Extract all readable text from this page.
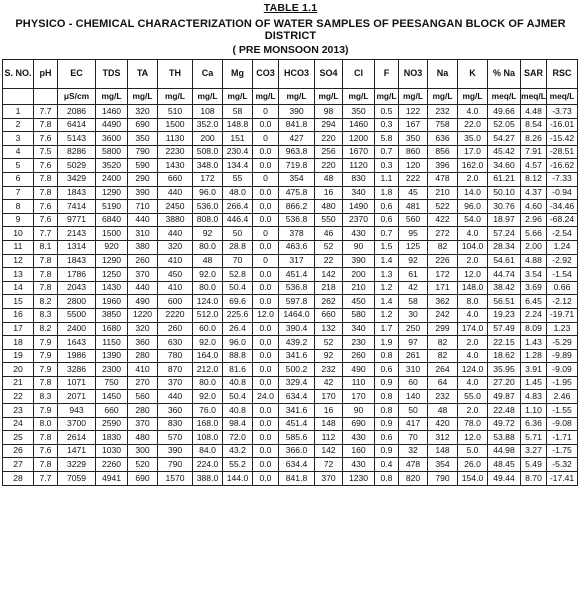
TABLE 1.1
PHYSICO - CHEMICAL CHARACTERIZATION OF WATER SAMPLES OF PEESANGAN BLOCK OF AJMER DISTRICT
( PRE MONSOON 2013)
S. NO.	pH	EC	TDS	TA	TH	Ca	Mg	CO3	HCO3	SO4	Cl	F	NO3	Na	K	% Na	SAR	RSC
		μS/cm	mg/L	mg/L	mg/L	mg/L	mg/L	mg/L	mg/L	mg/L	mg/L	mg/L	mg/L	mg/L	mg/L	meq/L	meq/L	meq/L
1	7.7	2086	1460	320	510	108	58	0	390	98	350	0.5	122	232	4.0	49.66	4.48	-3.73
2	7.8	6414	4490	690	1500	352.0	148.8	0.0	841.8	294	1460	0.3	167	758	22.0	52.05	8.54	-16.01
3	7.6	5143	3600	350	1130	200	151	0	427	220	1200	5.8	350	636	35.0	54.27	8.26	-15.42
4	7.5	8286	5800	790	2230	508.0	230.4	0.0	963.8	256	1670	0.7	860	856	17.0	45.42	7.91	-28.51
5	7.6	5029	3520	590	1430	348.0	134.4	0.0	719.8	220	1120	0.3	120	396	162.0	34.60	4.57	-16.62
6	7.8	3429	2400	290	660	172	55	0	354	48	830	1.1	222	478	2.0	61.21	8.12	-7.33
7	7.8	1843	1290	390	440	96.0	48.0	0.0	475.8	16	340	1.8	45	210	14.0	50.10	4.37	-0.94
8	7.6	7414	5190	710	2450	536.0	266.4	0.0	866.2	480	1490	0.6	481	522	96.0	30.76	4.60	-34.46
9	7.6	9771	6840	440	3880	808.0	446.4	0.0	536.8	550	2370	0.6	560	422	54.0	18.97	2.96	-68.24
10	7.7	2143	1500	310	440	92	50	0	378	46	430	0.7	95	272	4.0	57.24	5.66	-2.54
11	8.1	1314	920	380	320	80.0	28.8	0.0	463.6	52	90	1.5	125	82	104.0	28.34	2.00	1.24
12	7.8	1843	1290	260	410	48	70	0	317	22	390	1.4	92	226	2.0	54.61	4.88	-2.92
13	7.8	1786	1250	370	450	92.0	52.8	0.0	451.4	142	200	1.3	61	172	12.0	44.74	3.54	-1.54
14	7.8	2043	1430	440	410	80.0	50.4	0.0	536.8	218	210	1.2	42	171	148.0	38.42	3.69	0.66
15	8.2	2800	1960	490	600	124.0	69.6	0.0	597.8	262	450	1.4	58	362	8.0	56.51	6.45	-2.12
16	8.3	5500	3850	1220	2220	512.0	225.6	12.0	1464.0	660	580	1.2	30	242	4.0	19.23	2.24	-19.71
17	8.2	2400	1680	320	260	60.0	26.4	0.0	390.4	132	340	1.7	250	299	174.0	57.49	8.09	1.23
18	7.9	1643	1150	360	630	92.0	96.0	0.0	439.2	52	230	1.9	97	82	2.0	22.15	1.43	-5.29
19	7.9	1986	1390	280	780	164.0	88.8	0.0	341.6	92	260	0.8	261	82	4.0	18.62	1.28	-9.89
20	7.9	3286	2300	410	870	212.0	81.6	0.0	500.2	232	490	0.6	310	264	124.0	35.95	3.91	-9.09
21	7.8	1071	750	270	370	80.0	40.8	0.0	329.4	42	110	0.9	60	64	4.0	27.20	1.45	-1.95
22	8.3	2071	1450	560	440	92.0	50.4	24.0	634.4	170	170	0.8	140	232	55.0	49.87	4.83	2.46
23	7.9	943	660	280	360	76.0	40.8	0.0	341.6	16	90	0.8	50	48	2.0	22.48	1.10	-1.55
24	8.0	3700	2590	370	830	168.0	98.4	0.0	451.4	148	690	0.9	417	420	78.0	49.72	6.36	-9.08
25	7.8	2614	1830	480	570	108.0	72.0	0.0	585.6	112	430	0.6	70	312	12.0	53.88	5.71	-1.71
26	7.6	1471	1030	300	390	84.0	43.2	0.0	366.0	142	160	0.9	32	148	5.0	44.98	3.27	-1.75
27	7.8	3229	2260	520	790	224.0	55.2	0.0	634.4	72	430	0.4	478	354	26.0	48.45	5.49	-5.32
28	7.7	7059	4941	690	1570	388.0	144.0	0.0	841.8	370	1230	0.8	820	790	154.0	49.44	8.70	-17.41
